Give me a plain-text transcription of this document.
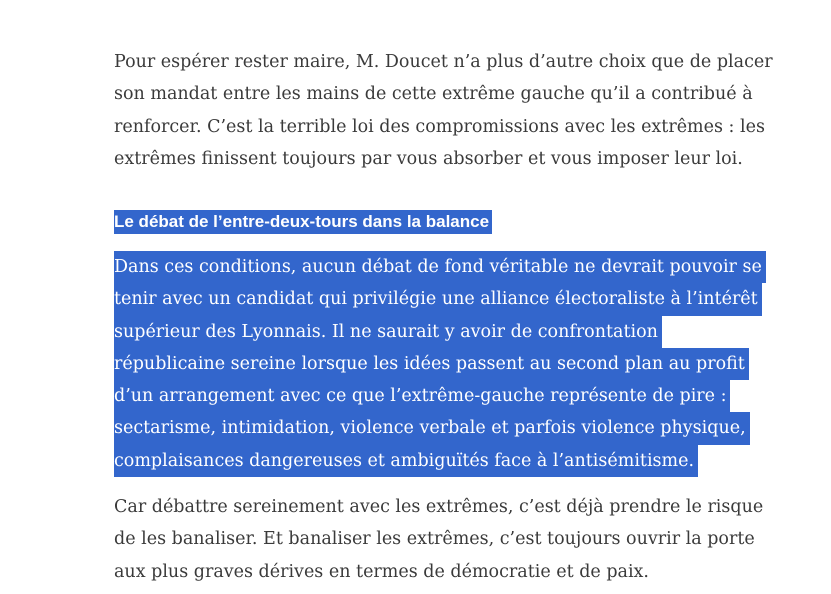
Pour espérer rester maire, M. Doucet n’a plus d’autre choix que de placer
son mandat entre les mains de cette extrême gauche qu’il a contribué à
renforcer. C’est la terrible loi des compromissions avec les extrêmes : les
extrêmes finissent toujours par vous absorber et vous imposer leur loi.

Le débat de l’entre-deux-tours dans la balance

Dans ces conditions, aucun débat de fond véritable ne devrait pouvoir se
tenir avec un candidat qui privilégie une alliance électoraliste à l’intérêt
supérieur des Lyonnais. Il ne saurait y avoir de confrontation
républicaine sereine lorsque les idées passent au second plan au profit
d’un arrangement avec ce que l’extrême-gauche représente de pire :
sectarisme, intimidation, violence verbale et parfois violence physique,
complaisances dangereuses et ambiguïtés face à l’antisémitisme.

Car débattre sereinement avec les extrêmes, c’est déjà prendre le risque
de les banaliser. Et banaliser les extrêmes, c’est toujours ouvrir la porte
aux plus graves dérives en termes de démocratie et de paix.
